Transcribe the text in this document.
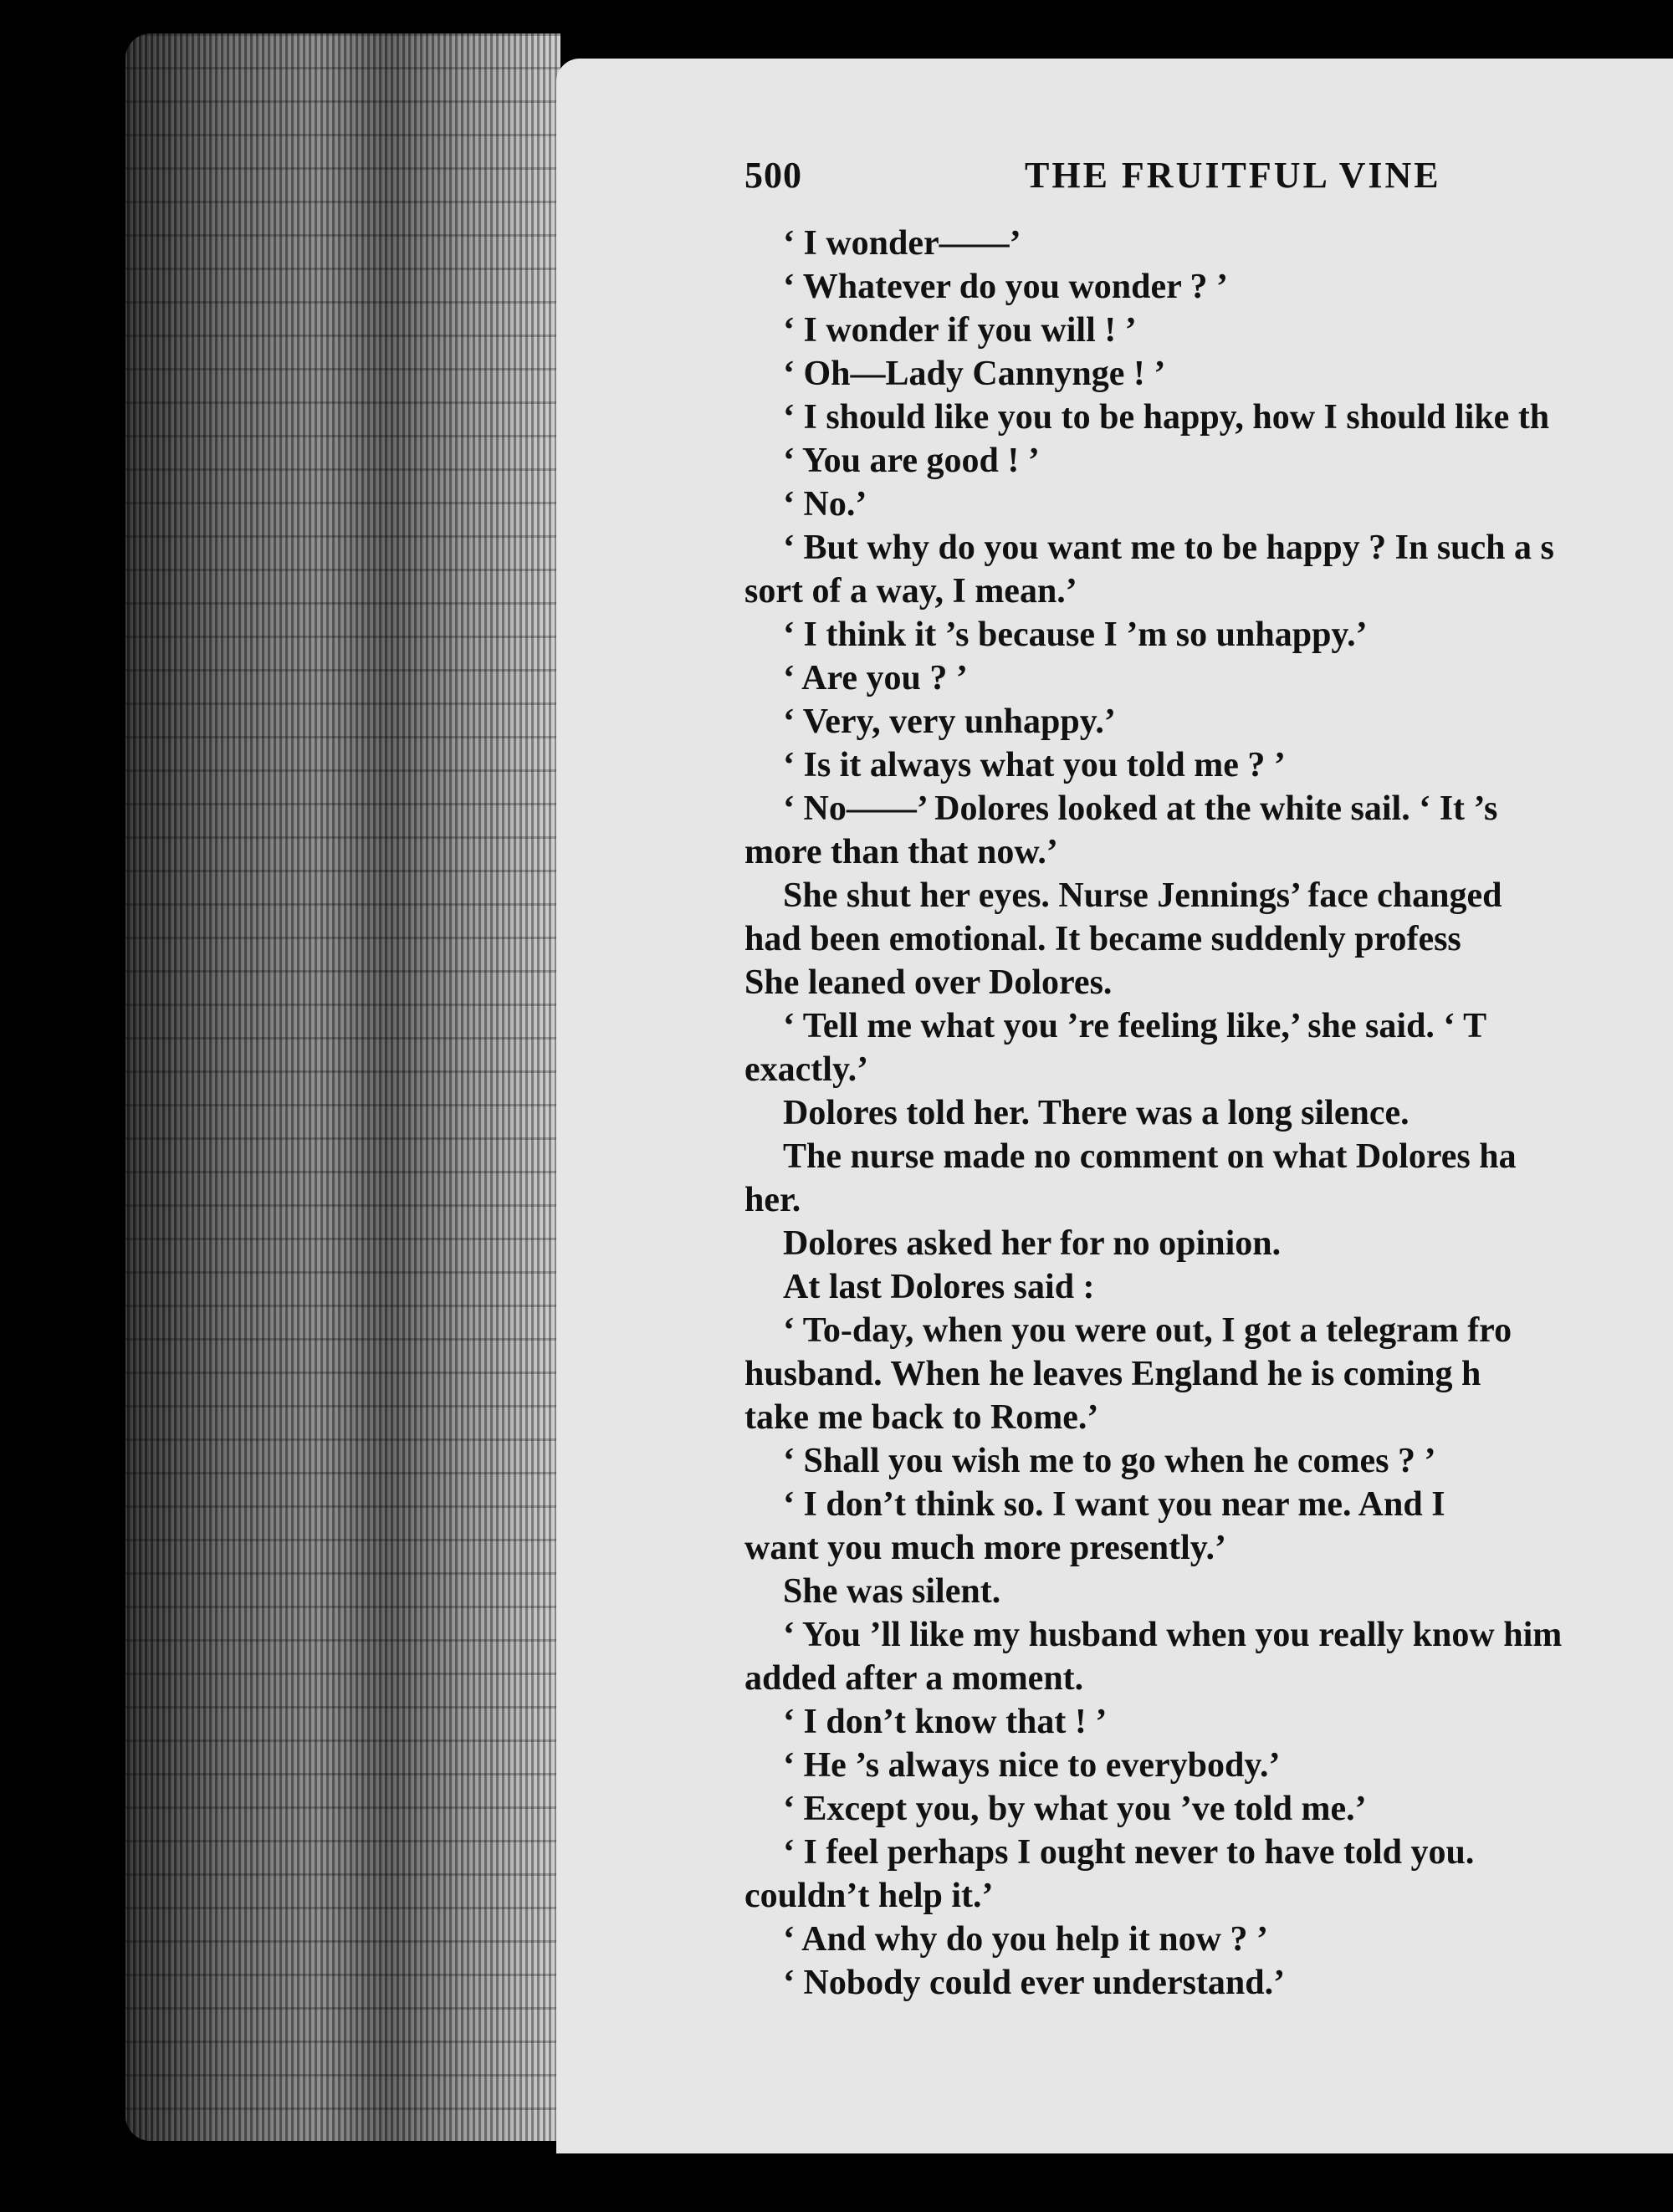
500	THE FRUITFUL VINE
‘ I wonder——’
‘ Whatever do you wonder ? ’
‘ I wonder if you will ! ’
‘ Oh—Lady Cannynge ! ’
‘ I should like you to be happy, how I should like th
‘ You are good ! ’
‘ No.’
‘ But why do you want me to be happy ? In such a s
sort of a way, I mean.’
‘ I think it ’s because I ’m so unhappy.’
‘ Are you ? ’
‘ Very, very unhappy.’
‘ Is it always what you told me ? ’
‘ No——’ Dolores looked at the white sail. ‘ It ’s
more than that now.’
She shut her eyes. Nurse Jennings’ face changed
had been emotional. It became suddenly profess
She leaned over Dolores.
‘ Tell me what you ’re feeling like,’ she said. ‘ T
exactly.’
Dolores told her. There was a long silence.
The nurse made no comment on what Dolores ha
her.
Dolores asked her for no opinion.
At last Dolores said :
‘ To-day, when you were out, I got a telegram fro
husband. When he leaves England he is coming h
take me back to Rome.’
‘ Shall you wish me to go when he comes ? ’
‘ I don’t think so. I want you near me. And I
want you much more presently.’
She was silent.
‘ You ’ll like my husband when you really know him
added after a moment.
‘ I don’t know that ! ’
‘ He ’s always nice to everybody.’
‘ Except you, by what you ’ve told me.’
‘ I feel perhaps I ought never to have told you.
couldn’t help it.’
‘ And why do you help it now ? ’
‘ Nobody could ever understand.’
